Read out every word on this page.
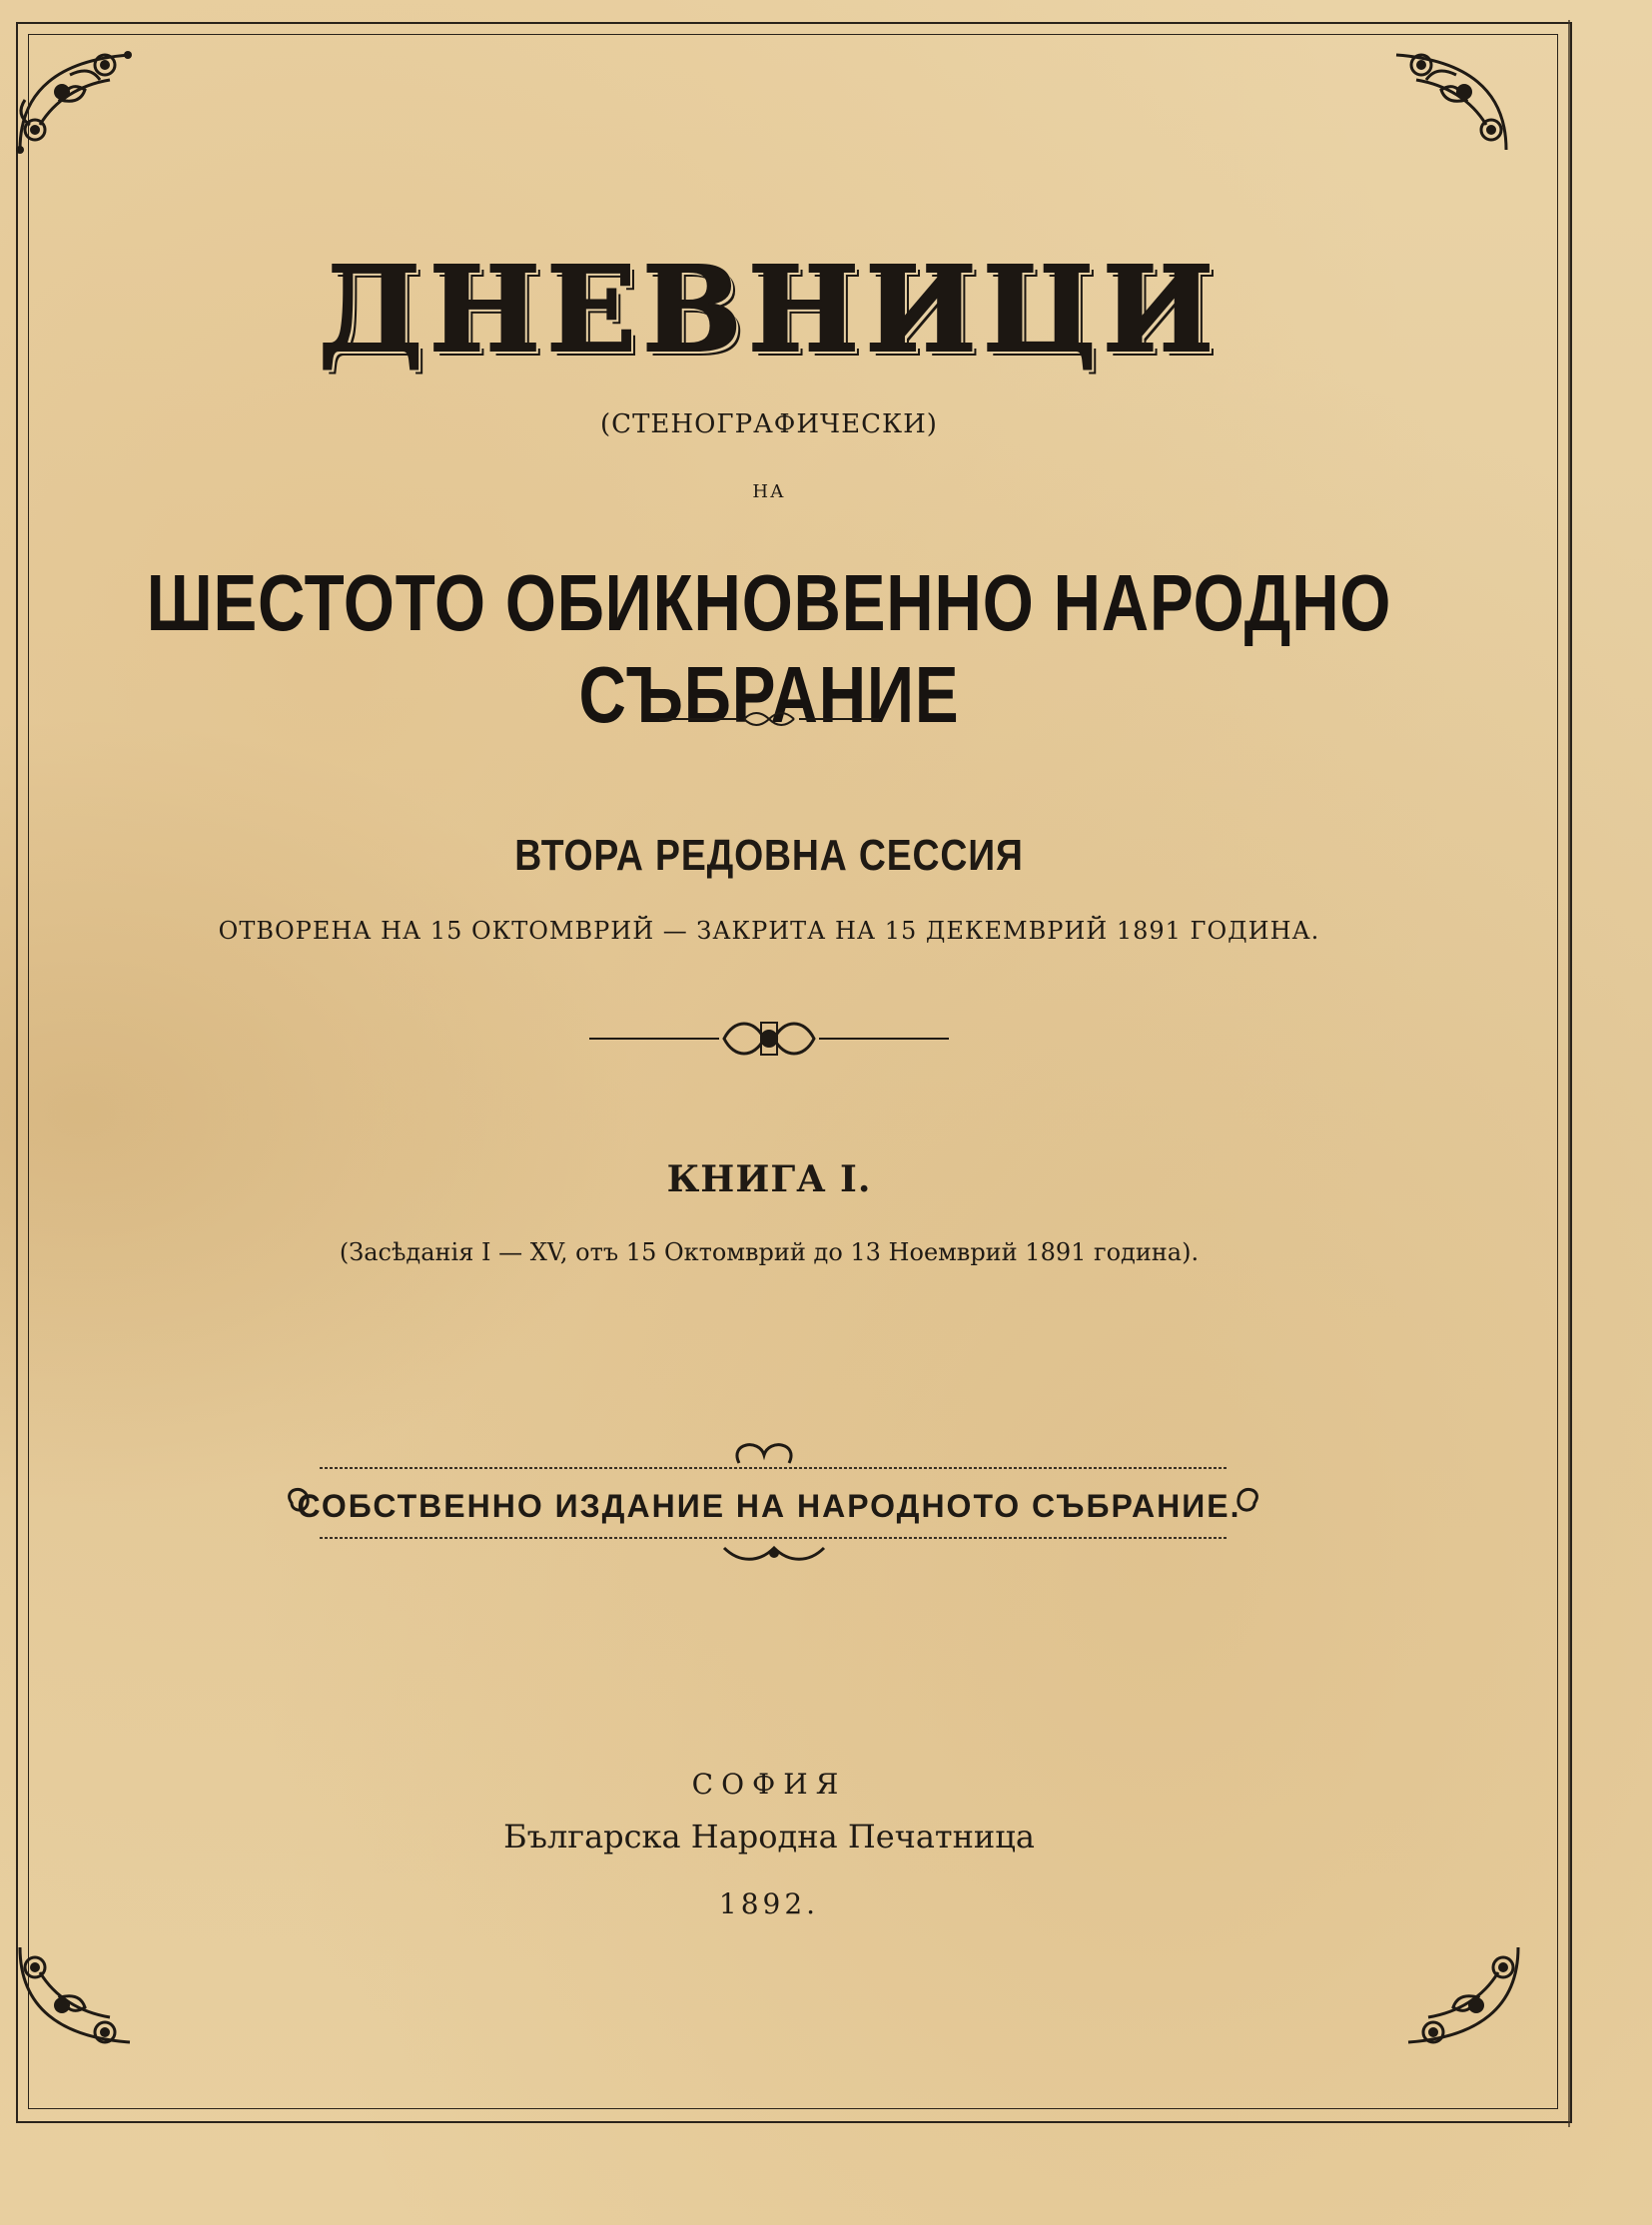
ДНЕВНИЦИ
(СТЕНОГРАФИЧЕСКИ)
НА
ШЕСТОТО ОБИКНОВЕННО НАРОДНО СЪБРАНИЕ
ВТОРА РЕДОВНА СЕССИЯ
ОТВОРЕНА НА 15 ОКТОМВРИЙ — ЗАКРИТА НА 15 ДЕКЕМВРИЙ 1891 ГОДИНА.
КНИГА I.
(Засѣданія I — XV, отъ 15 Октомврий до 13 Ноемврий 1891 година).
СОБСТВЕННО ИЗДАНИЕ НА НАРОДНОТО СЪБРАНИЕ.
СОФИЯ
Българска Народна Печатница
1892.
